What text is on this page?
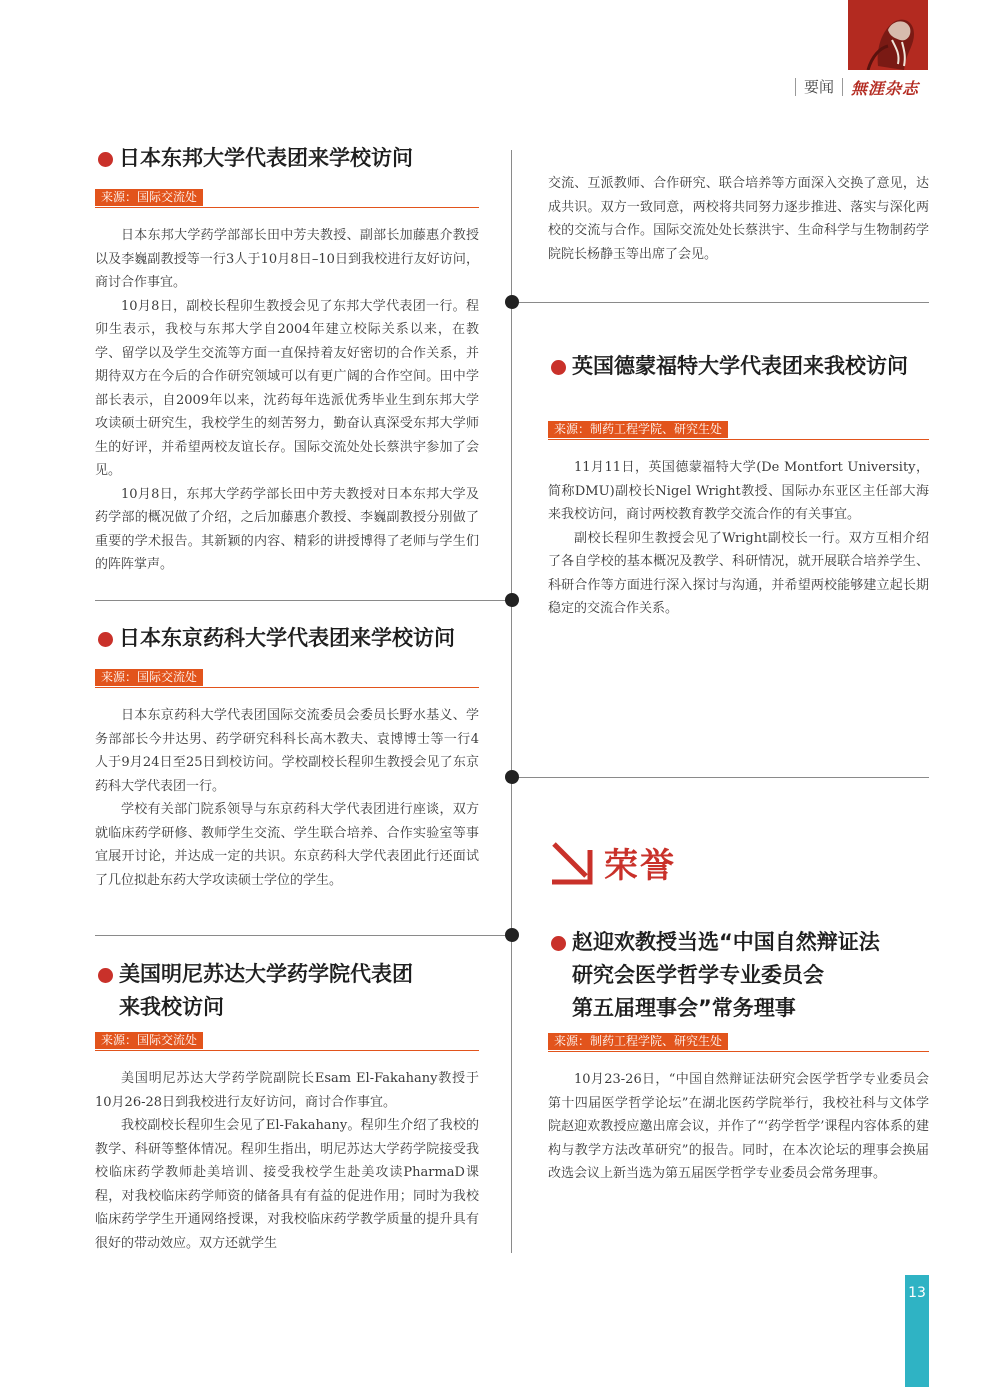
要闻	無涯杂志
日本东邦大学代表团来学校访问
来源：国际交流处

日本东邦大学药学部部长田中芳夫教授、副部长加藤惠介教授以及李巍副教授等一行3人于10月8日–10日到我校进行友好访问，商讨合作事宜。

10月8日，副校长程卯生教授会见了东邦大学代表团一行。程卯生表示，我校与东邦大学自2004年建立校际关系以来，在教学、留学以及学生交流等方面一直保持着友好密切的合作关系，并期待双方在今后的合作研究领域可以有更广阔的合作空间。田中学部长表示，自2009年以来，沈药每年选派优秀毕业生到东邦大学攻读硕士研究生，我校学生的刻苦努力，勤奋认真深受东邦大学师生的好评，并希望两校友谊长存。国际交流处处长蔡洪宇参加了会见。

10月8日，东邦大学药学部长田中芳夫教授对日本东邦大学及药学部的概况做了介绍，之后加藤惠介教授、李巍副教授分别做了重要的学术报告。其新颖的内容、精彩的讲授博得了老师与学生们的阵阵掌声。

日本东京药科大学代表团来学校访问
来源：国际交流处

日本东京药科大学代表团国际交流委员会委员长野水基义、学务部部长今井达男、药学研究科科长高木教夫、袁博博士等一行4人于9月24日至25日到校访问。学校副校长程卯生教授会见了东京药科大学代表团一行。

学校有关部门院系领导与东京药科大学代表团进行座谈，双方就临床药学研修、教师学生交流、学生联合培养、合作实验室等事宜展开讨论，并达成一定的共识。东京药科大学代表团此行还面试了几位拟赴东药大学攻读硕士学位的学生。

美国明尼苏达大学药学院代表团
来我校访问
来源：国际交流处

美国明尼苏达大学药学院副院长Esam El-Fakahany教授于10月26-28日到我校进行友好访问，商讨合作事宜。

我校副校长程卯生会见了El-Fakahany。程卯生介绍了我校的教学、科研等整体情况。程卯生指出，明尼苏达大学药学院接受我校临床药学教师赴美培训、接受我校学生赴美攻读PharmaD课程，对我校临床药学师资的储备具有有益的促进作用；同时为我校临床药学学生开通网络授课，对我校临床药学教学质量的提升具有很好的带动效应。双方还就学生

交流、互派教师、合作研究、联合培养等方面深入交换了意见，达成共识。双方一致同意，两校将共同努力逐步推进、落实与深化两校的交流与合作。国际交流处处长蔡洪宇、生命科学与生物制药学院院长杨静玉等出席了会见。

英国德蒙福特大学代表团来我校访问
来源：制药工程学院、研究生处

11月11日，英国德蒙福特大学(De Montfort University，简称DMU)副校长Nigel Wright教授、国际办东亚区主任部大海来我校访问，商讨两校教育教学交流合作的有关事宜。

副校长程卯生教授会见了Wright副校长一行。双方互相介绍了各自学校的基本概况及教学、科研情况，就开展联合培养学生、科研合作等方面进行深入探讨与沟通，并希望两校能够建立起长期稳定的交流合作关系。

荣誉
赵迎欢教授当选“中国自然辩证法
研究会医学哲学专业委员会
第五届理事会”常务理事
来源：制药工程学院、研究生处

10月23-26日，“中国自然辩证法研究会医学哲学专业委员会第十四届医学哲学论坛”在湖北医药学院举行，我校社科与文体学院赵迎欢教授应邀出席会议，并作了“‘药学哲学’课程内容体系的建构与教学方法改革研究”的报告。同时，在本次论坛的理事会换届改选会议上新当选为第五届医学哲学专业委员会常务理事。

13
